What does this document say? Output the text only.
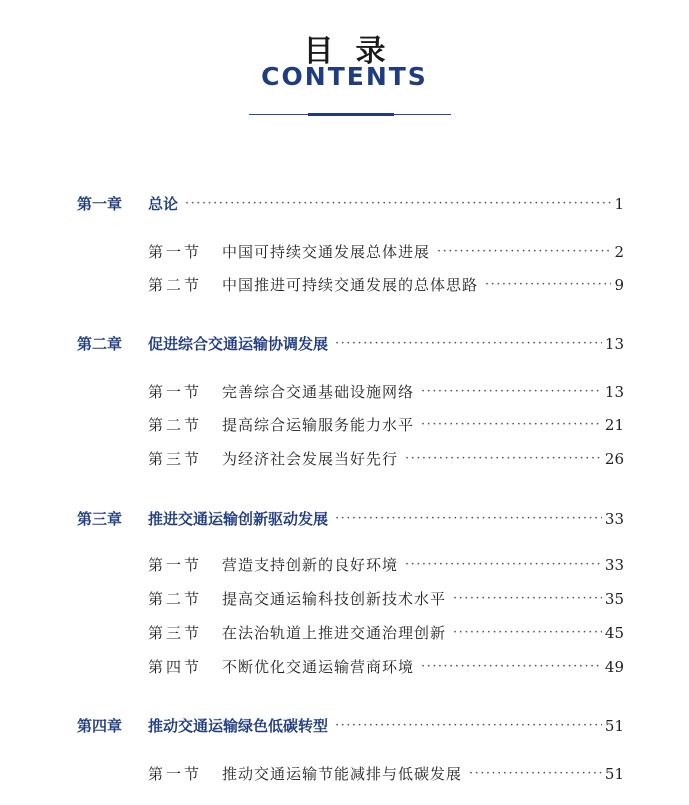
目录
CONTENTS
第一章	总论 ·····	1
第一节	中国可持续交通发展总体进展 ·····	2
第二节	中国推进可持续交通发展的总体思路 ·····	9
第二章	促进综合交通运输协调发展 ·····	13
第一节	完善综合交通基础设施网络 ·····	13
第二节	提高综合运输服务能力水平 ·····	21
第三节	为经济社会发展当好先行 ·····	26
第三章	推进交通运输创新驱动发展 ·····	33
第一节	营造支持创新的良好环境 ·····	33
第二节	提高交通运输科技创新技术水平 ·····	35
第三节	在法治轨道上推进交通治理创新 ·····	45
第四节	不断优化交通运输营商环境 ·····	49
第四章	推动交通运输绿色低碳转型 ·····	51
第一节	推动交通运输节能减排与低碳发展 ·····	51
